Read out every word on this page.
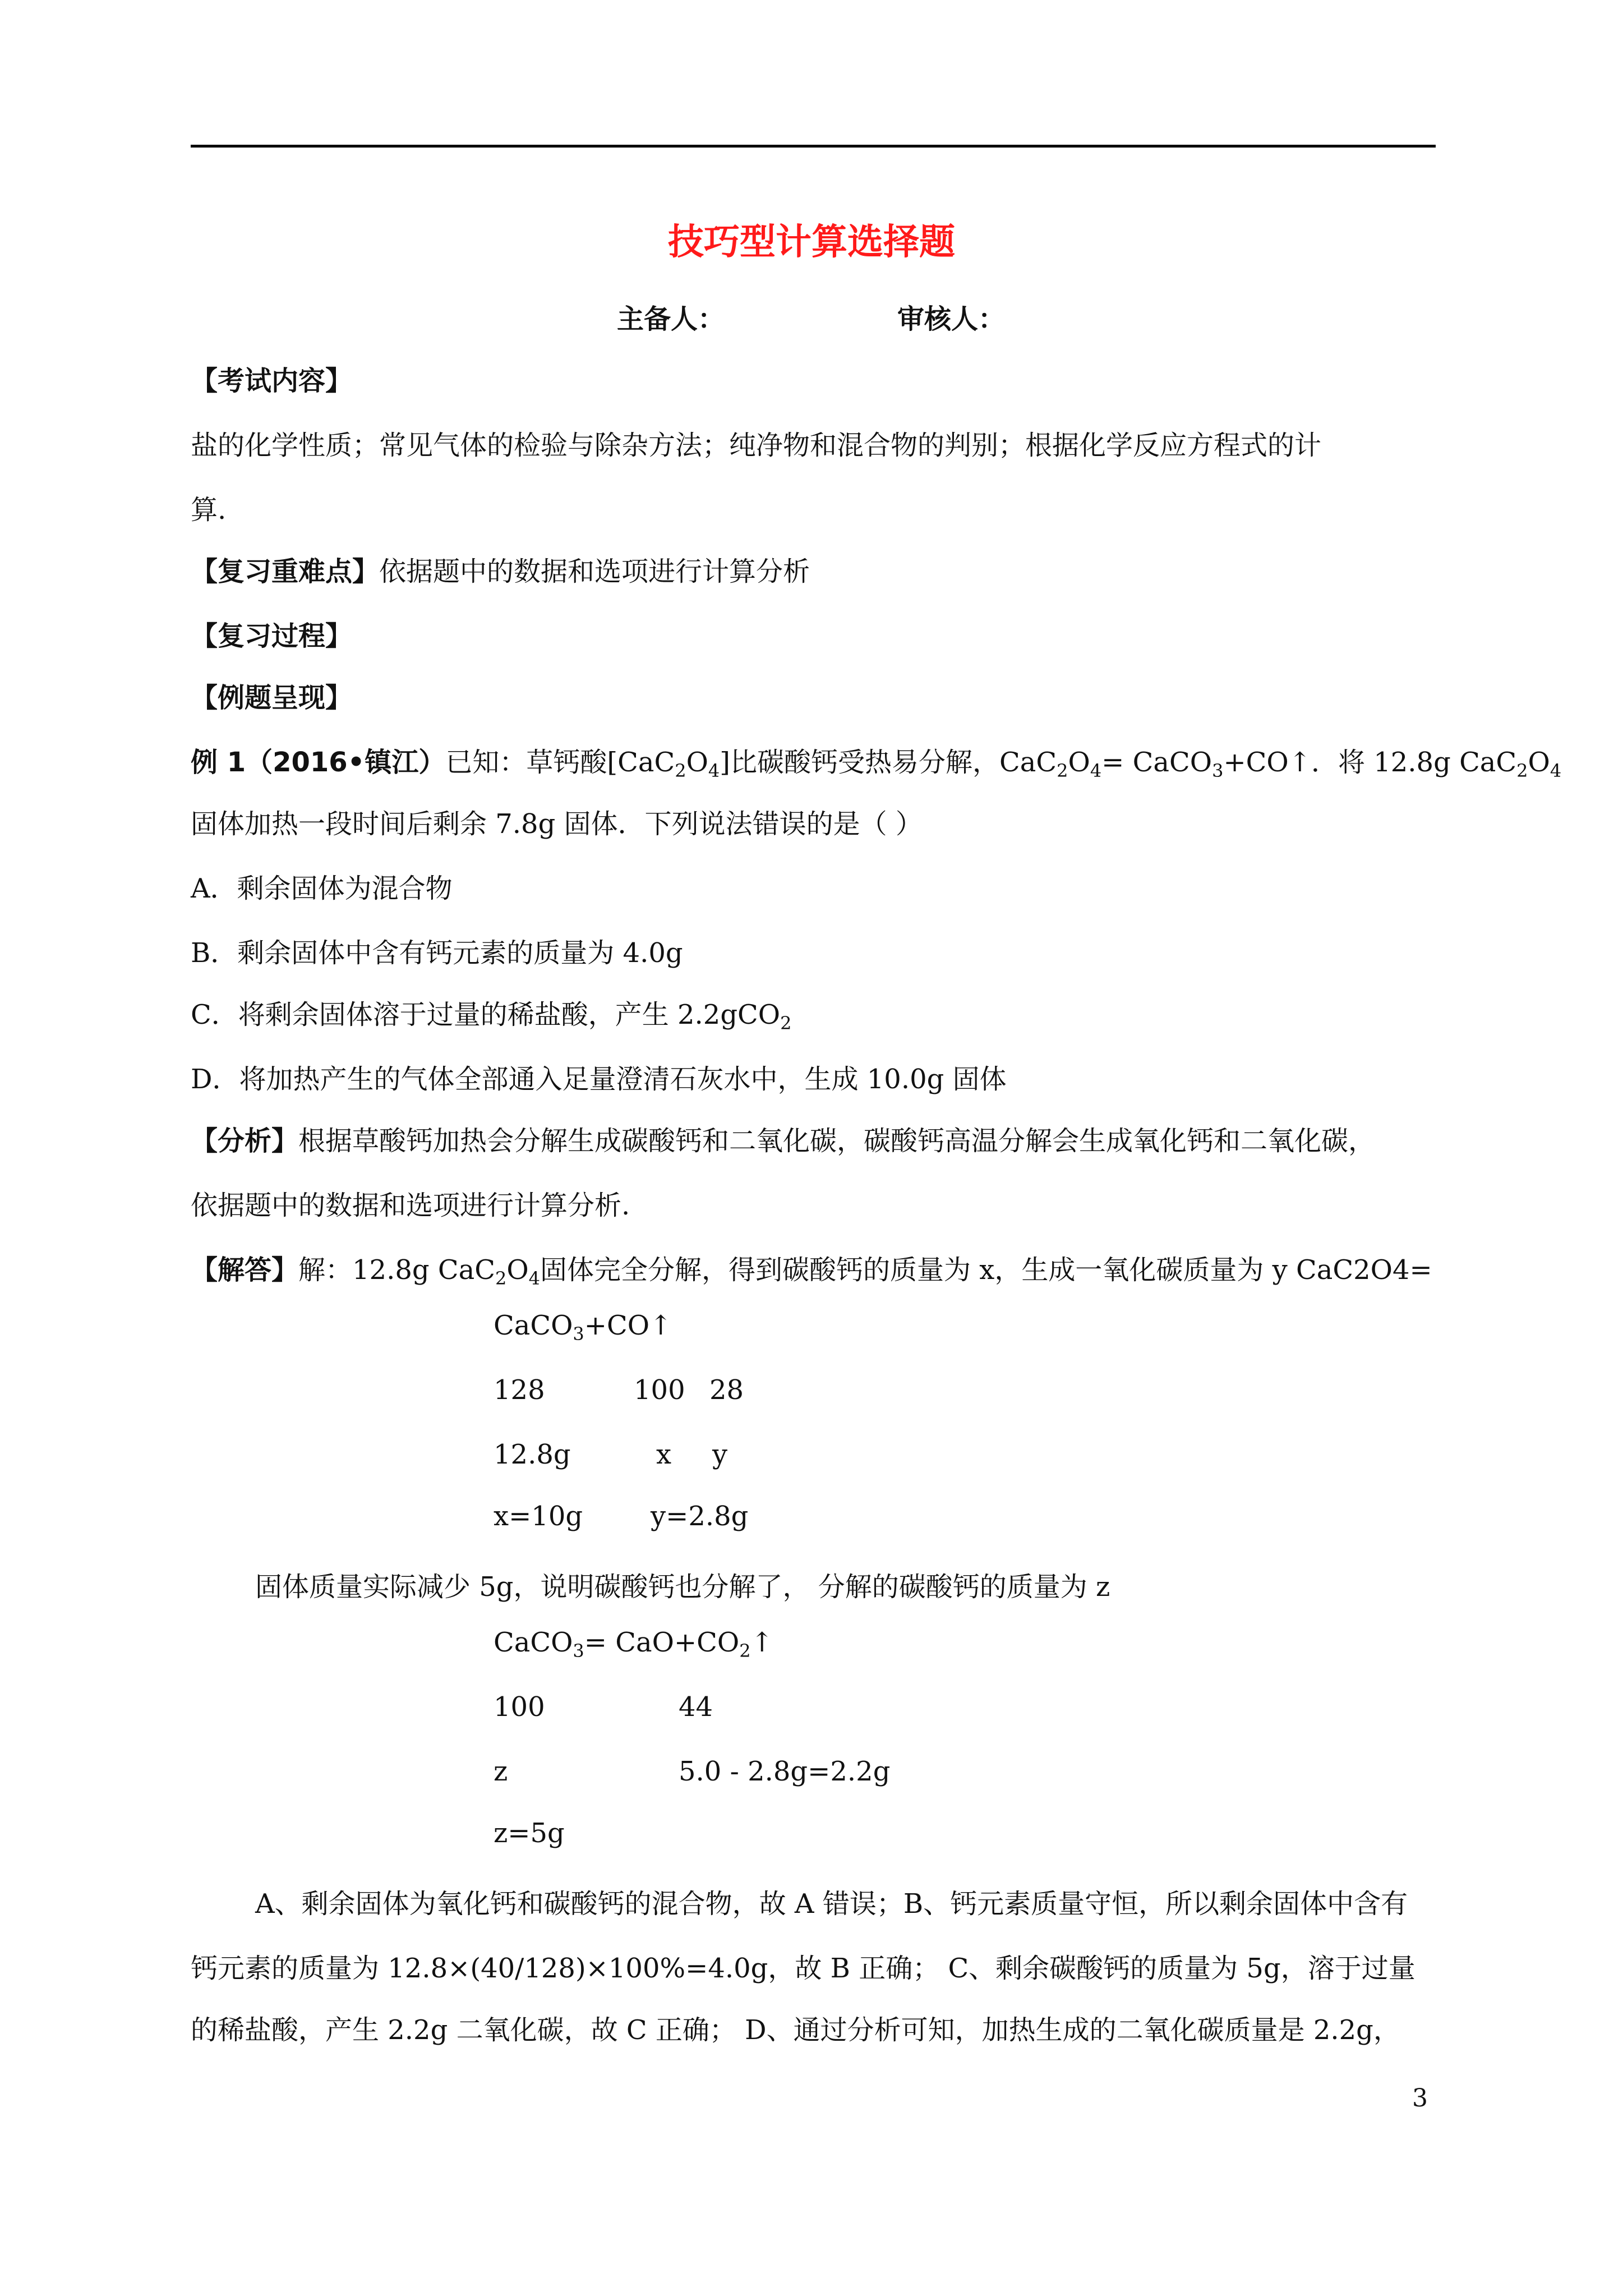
技巧型计算选择题
主备人：	审核人：
【考试内容】
盐的化学性质；常见气体的检验与除杂方法；纯净物和混合物的判别；根据化学反应方程式的计
算.
【复习重难点】依据题中的数据和选项进行计算分析
【复习过程】
【例题呈现】
例 1（2016•镇江）已知：草钙酸$[CaC_2O_4]$比碳酸钙受热易分解，$CaC_2O_4=$ CaCO$_3$+CO↑．将 12.8g $CaC_2O_4$
固体加热一段时间后剩余 7.8g 固体．下列说法错误的是（ ）
A．剩余固体为混合物
B．剩余固体中含有钙元素的质量为 4.0g
C．将剩余固体溶于过量的稀盐酸，产生 2.2gCO$_2$
D．将加热产生的气体全部通入足量澄清石灰水中，生成 10.0g 固体
【分析】根据草酸钙加热会分解生成碳酸钙和二氧化碳，碳酸钙高温分解会生成氧化钙和二氧化碳，
依据题中的数据和选项进行计算分析.
【解答】解：12.8g $CaC_2O_4$固体完全分解，得到碳酸钙的质量为 x，生成一氧化碳质量为 y CaC2O4=
CaCO$_3$+CO↑
128	100 28
12.8g	x y
x=10g	y=2.8g
固体质量实际减少 5g，说明碳酸钙也分解了， 分解的碳酸钙的质量为 z
CaCO$_3$= $CaO+CO_2↑$
100	44
z	5.0 - 2.8g=2.2g
z=5g
A、剩余固体为氧化钙和碳酸钙的混合物，故 A 错误；B、钙元素质量守恒，所以剩余固体中含有
钙元素的质量为 12.8×(40/128)×100%=4.0g，故 B 正确； C、剩余碳酸钙的质量为 5g，溶于过量
的稀盐酸，产生 2.2g 二氧化碳，故 C 正确； D、通过分析可知，加热生成的二氧化碳质量是 2.2g，
3
